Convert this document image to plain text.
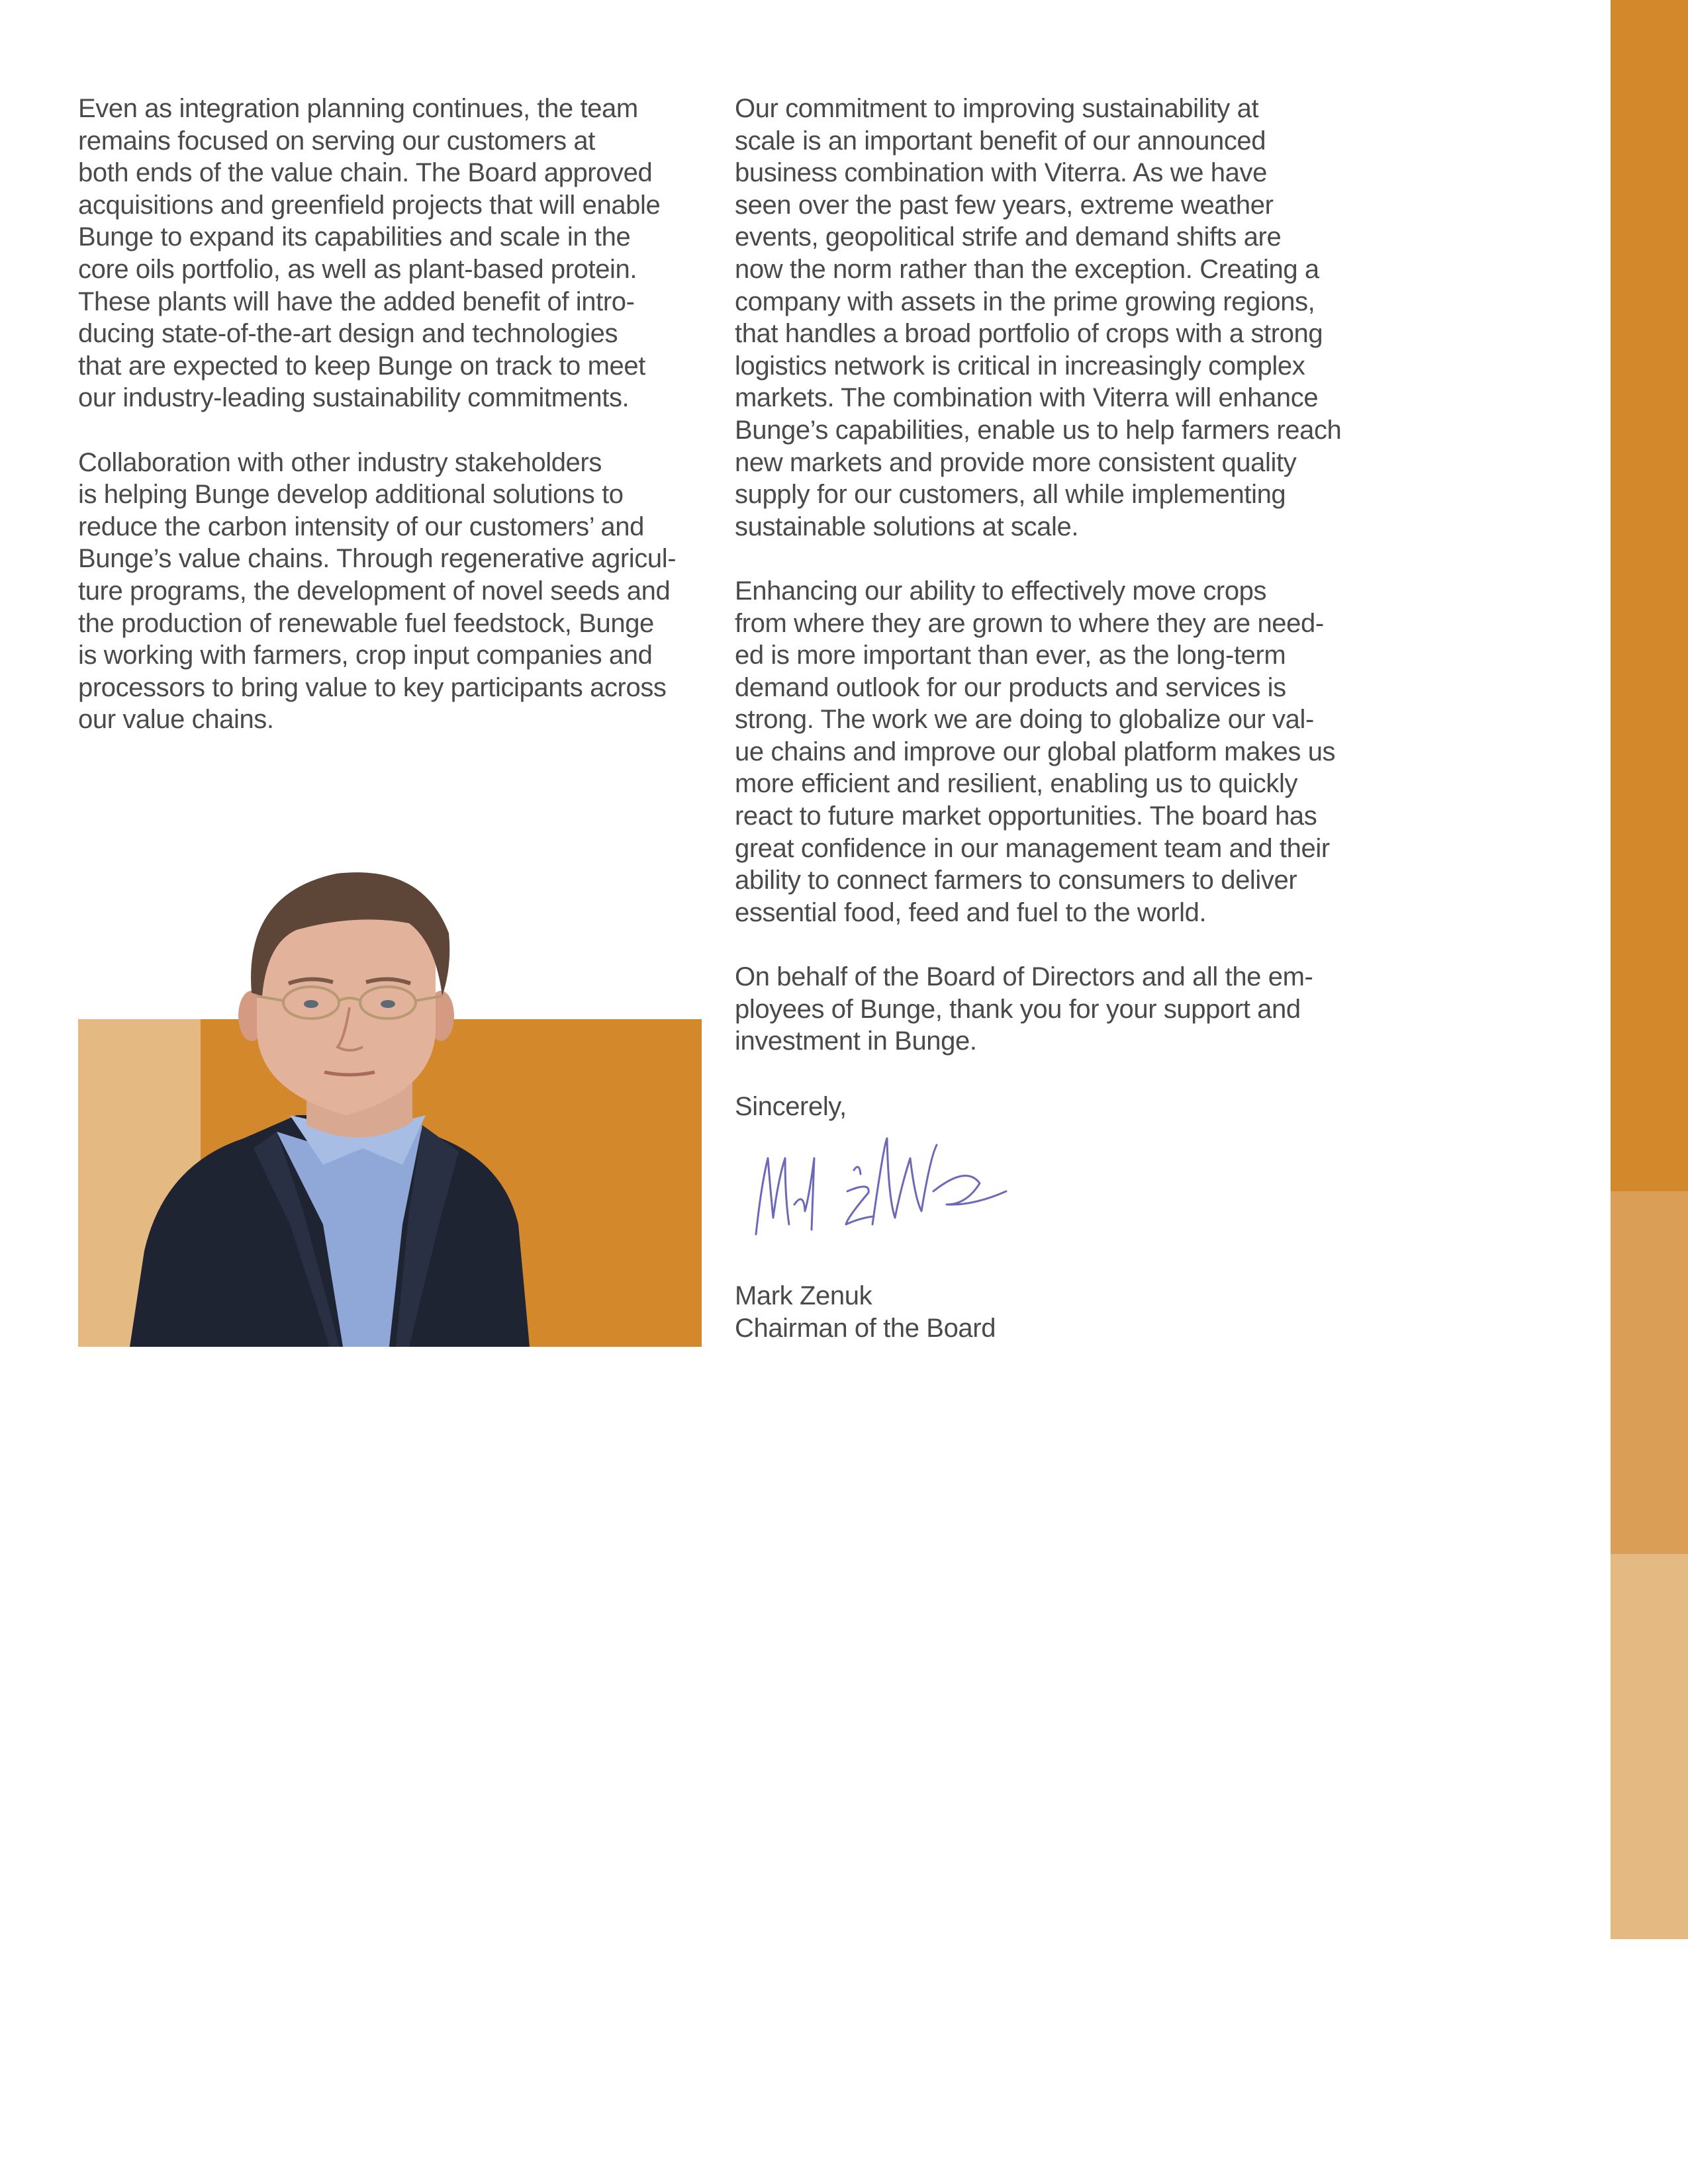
Even as integration planning continues, the team
remains focused on serving our customers at
both ends of the value chain. The Board approved
acquisitions and greenfield projects that will enable
Bunge to expand its capabilities and scale in the
core oils portfolio, as well as plant-based protein.
These plants will have the added benefit of intro-
ducing state-of-the-art design and technologies
that are expected to keep Bunge on track to meet
our industry-leading sustainability commitments.

Collaboration with other industry stakeholders
is helping Bunge develop additional solutions to
reduce the carbon intensity of our customers’ and
Bunge’s value chains. Through regenerative agricul-
ture programs, the development of novel seeds and
the production of renewable fuel feedstock, Bunge
is working with farmers, crop input companies and
processors to bring value to key participants across
our value chains.

Our commitment to improving sustainability at
scale is an important benefit of our announced
business combination with Viterra. As we have
seen over the past few years, extreme weather
events, geopolitical strife and demand shifts are
now the norm rather than the exception. Creating a
company with assets in the prime growing regions,
that handles a broad portfolio of crops with a strong
logistics network is critical in increasingly complex
markets. The combination with Viterra will enhance
Bunge’s capabilities, enable us to help farmers reach
new markets and provide more consistent quality
supply for our customers, all while implementing
sustainable solutions at scale.

Enhancing our ability to effectively move crops
from where they are grown to where they are need-
ed is more important than ever, as the long-term
demand outlook for our products and services is
strong. The work we are doing to globalize our val-
ue chains and improve our global platform makes us
more efficient and resilient, enabling us to quickly
react to future market opportunities. The board has
great confidence in our management team and their
ability to connect farmers to consumers to deliver
essential food, feed and fuel to the world.

On behalf of the Board of Directors and all the em-
ployees of Bunge, thank you for your support and
investment in Bunge.

Sincerely,
Mark Zenuk
Chairman of the Board
